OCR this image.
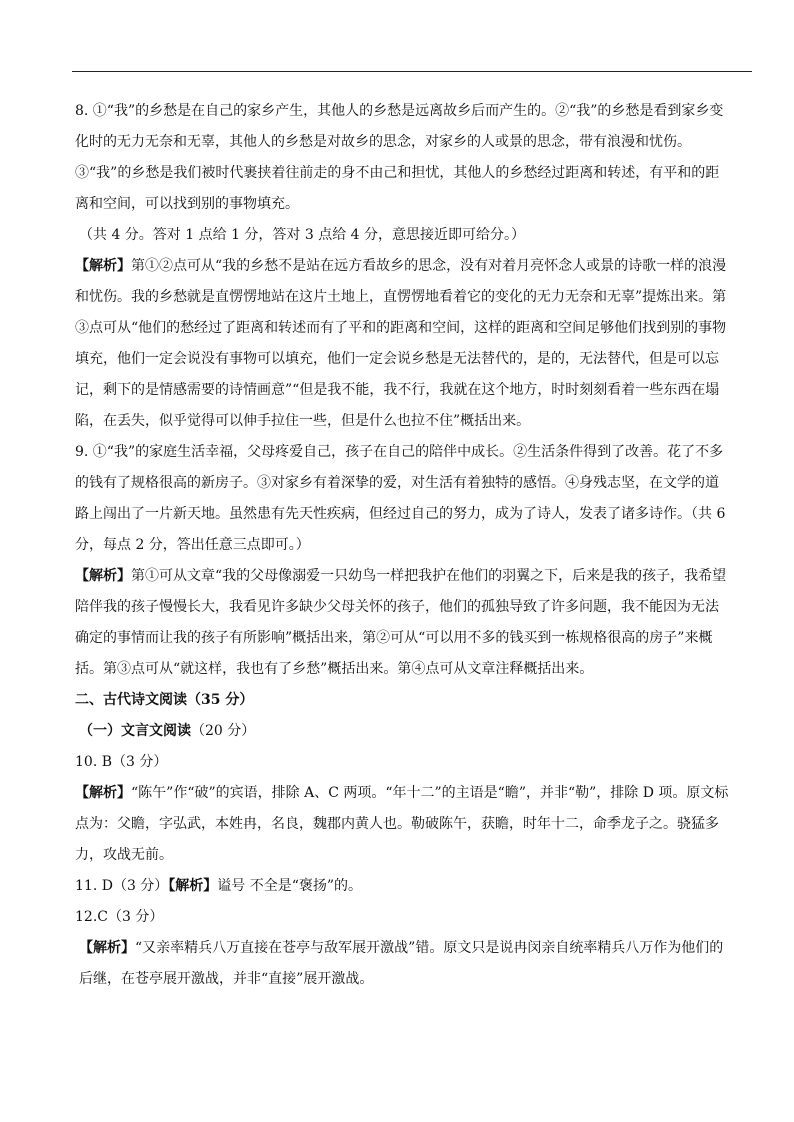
8. ①“我”的乡愁是在自己的家乡产生，其他人的乡愁是远离故乡后而产生的。②“我”的乡愁是看到家乡变化时的无力无奈和无辜，其他人的乡愁是对故乡的思念，对家乡的人或景的思念，带有浪漫和忧伤。③“我”的乡愁是我们被时代裹挟着往前走的身不由己和担忧，其他人的乡愁经过距离和转述，有平和的距离和空间，可以找到别的事物填充。

（共 4 分。答对 1 点给 1 分，答对 3 点给 4 分，意思接近即可给分。）

【解析】第①②点可从“我的乡愁不是站在远方看故乡的思念，没有对着月亮怀念人或景的诗歌一样的浪漫和忧伤。我的乡愁就是直愣愣地站在这片土地上，直愣愣地看着它的变化的无力无奈和无辜”提炼出来。第③点可从“他们的愁经过了距离和转述而有了平和的距离和空间，这样的距离和空间足够他们找到别的事物填充，他们一定会说没有事物可以填充，他们一定会说乡愁是无法替代的，是的，无法替代，但是可以忘记，剩下的是情感需要的诗情画意”“但是我不能，我不行，我就在这个地方，时时刻刻看着一些东西在塌陷，在丢失，似乎觉得可以伸手拉住一些，但是什么也拉不住”概括出来。

9. ①“我”的家庭生活幸福，父母疼爱自己，孩子在自己的陪伴中成长。②生活条件得到了改善。花了不多的钱有了规格很高的新房子。③对家乡有着深挚的爱，对生活有着独特的感悟。④身残志坚，在文学的道路上闯出了一片新天地。虽然患有先天性疾病，但经过自己的努力，成为了诗人，发表了诸多诗作。（共 6 分，每点 2 分，答出任意三点即可。）

【解析】第①可从文章“我的父母像溺爱一只幼鸟一样把我护在他们的羽翼之下，后来是我的孩子，我希望陪伴我的孩子慢慢长大，我看见许多缺少父母关怀的孩子，他们的孤独导致了许多问题，我不能因为无法确定的事情而让我的孩子有所影响”概括出来，第②可从“可以用不多的钱买到一栋规格很高的房子”来概括。第③点可从“就这样，我也有了乡愁”概括出来。第④点可从文章注释概括出来。

二、古代诗文阅读（35 分）

（一）文言文阅读（20 分）

10. B（3 分）

【解析】“陈午”作“破”的宾语，排除 A、C 两项。“年十二”的主语是“瞻”，并非“勒”，排除 D 项。原文标点为：父瞻，字弘武，本姓冉，名良，魏郡内黄人也。勒破陈午，获瞻，时年十二，命季龙子之。骁猛多力，攻战无前。

11. D（3 分）【解析】谥号 不全是“褒扬”的。

12.C（3 分）

【解析】“又亲率精兵八万直接在苍亭与敌军展开激战”错。原文只是说冉闵亲自统率精兵八万作为他们的后继，在苍亭展开激战，并非“直接”展开激战。
